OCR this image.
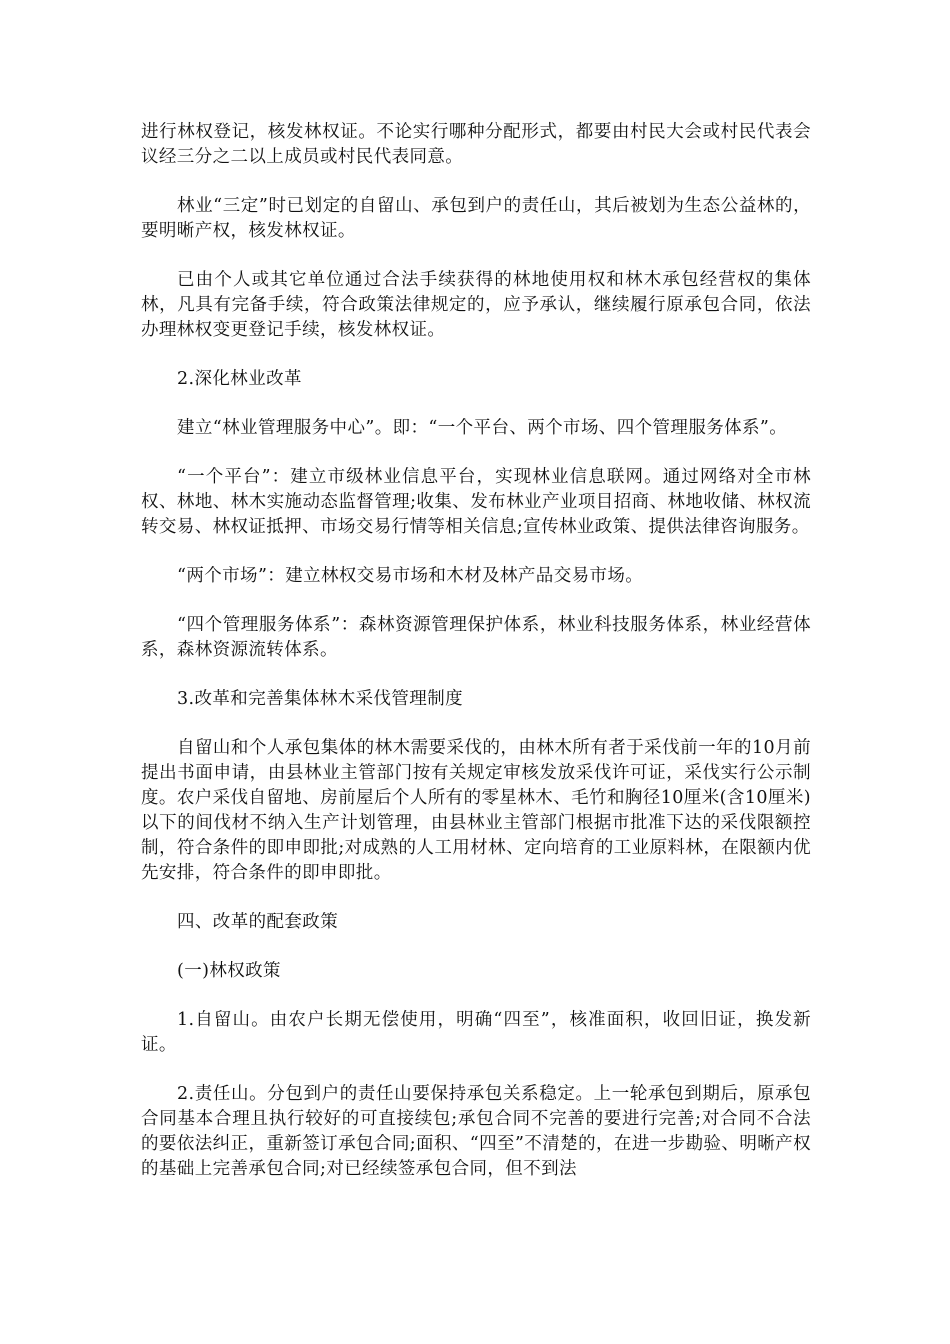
进行林权登记，核发林权证。不论实行哪种分配形式，都要由村民大会或村民代表会议经三分之二以上成员或村民代表同意。

林业“三定”时已划定的自留山、承包到户的责任山，其后被划为生态公益林的，要明晰产权，核发林权证。

已由个人或其它单位通过合法手续获得的林地使用权和林木承包经营权的集体林，凡具有完备手续，符合政策法律规定的，应予承认，继续履行原承包合同，依法办理林权变更登记手续，核发林权证。

2.深化林业改革

建立“林业管理服务中心”。即：“一个平台、两个市场、四个管理服务体系”。

“一个平台”：建立市级林业信息平台，实现林业信息联网。通过网络对全市林权、林地、林木实施动态监督管理;收集、发布林业产业项目招商、林地收储、林权流转交易、林权证抵押、市场交易行情等相关信息;宣传林业政策、提供法律咨询服务。

“两个市场”：建立林权交易市场和木材及林产品交易市场。

“四个管理服务体系”：森林资源管理保护体系，林业科技服务体系，林业经营体系，森林资源流转体系。

3.改革和完善集体林木采伐管理制度

自留山和个人承包集体的林木需要采伐的，由林木所有者于采伐前一年的10月前提出书面申请，由县林业主管部门按有关规定审核发放采伐许可证，采伐实行公示制度。农户采伐自留地、房前屋后个人所有的零星林木、毛竹和胸径10厘米(含10厘米)以下的间伐材不纳入生产计划管理，由县林业主管部门根据市批准下达的采伐限额控制，符合条件的即申即批;对成熟的人工用材林、定向培育的工业原料林，在限额内优先安排，符合条件的即申即批。

四、改革的配套政策

(一)林权政策

1.自留山。由农户长期无偿使用，明确“四至”，核准面积，收回旧证，换发新证。

2.责任山。分包到户的责任山要保持承包关系稳定。上一轮承包到期后，原承包合同基本合理且执行较好的可直接续包;承包合同不完善的要进行完善;对合同不合法的要依法纠正，重新签订承包合同;面积、“四至”不清楚的，在进一步勘验、明晰产权的基础上完善承包合同;对已经续签承包合同，但不到法
